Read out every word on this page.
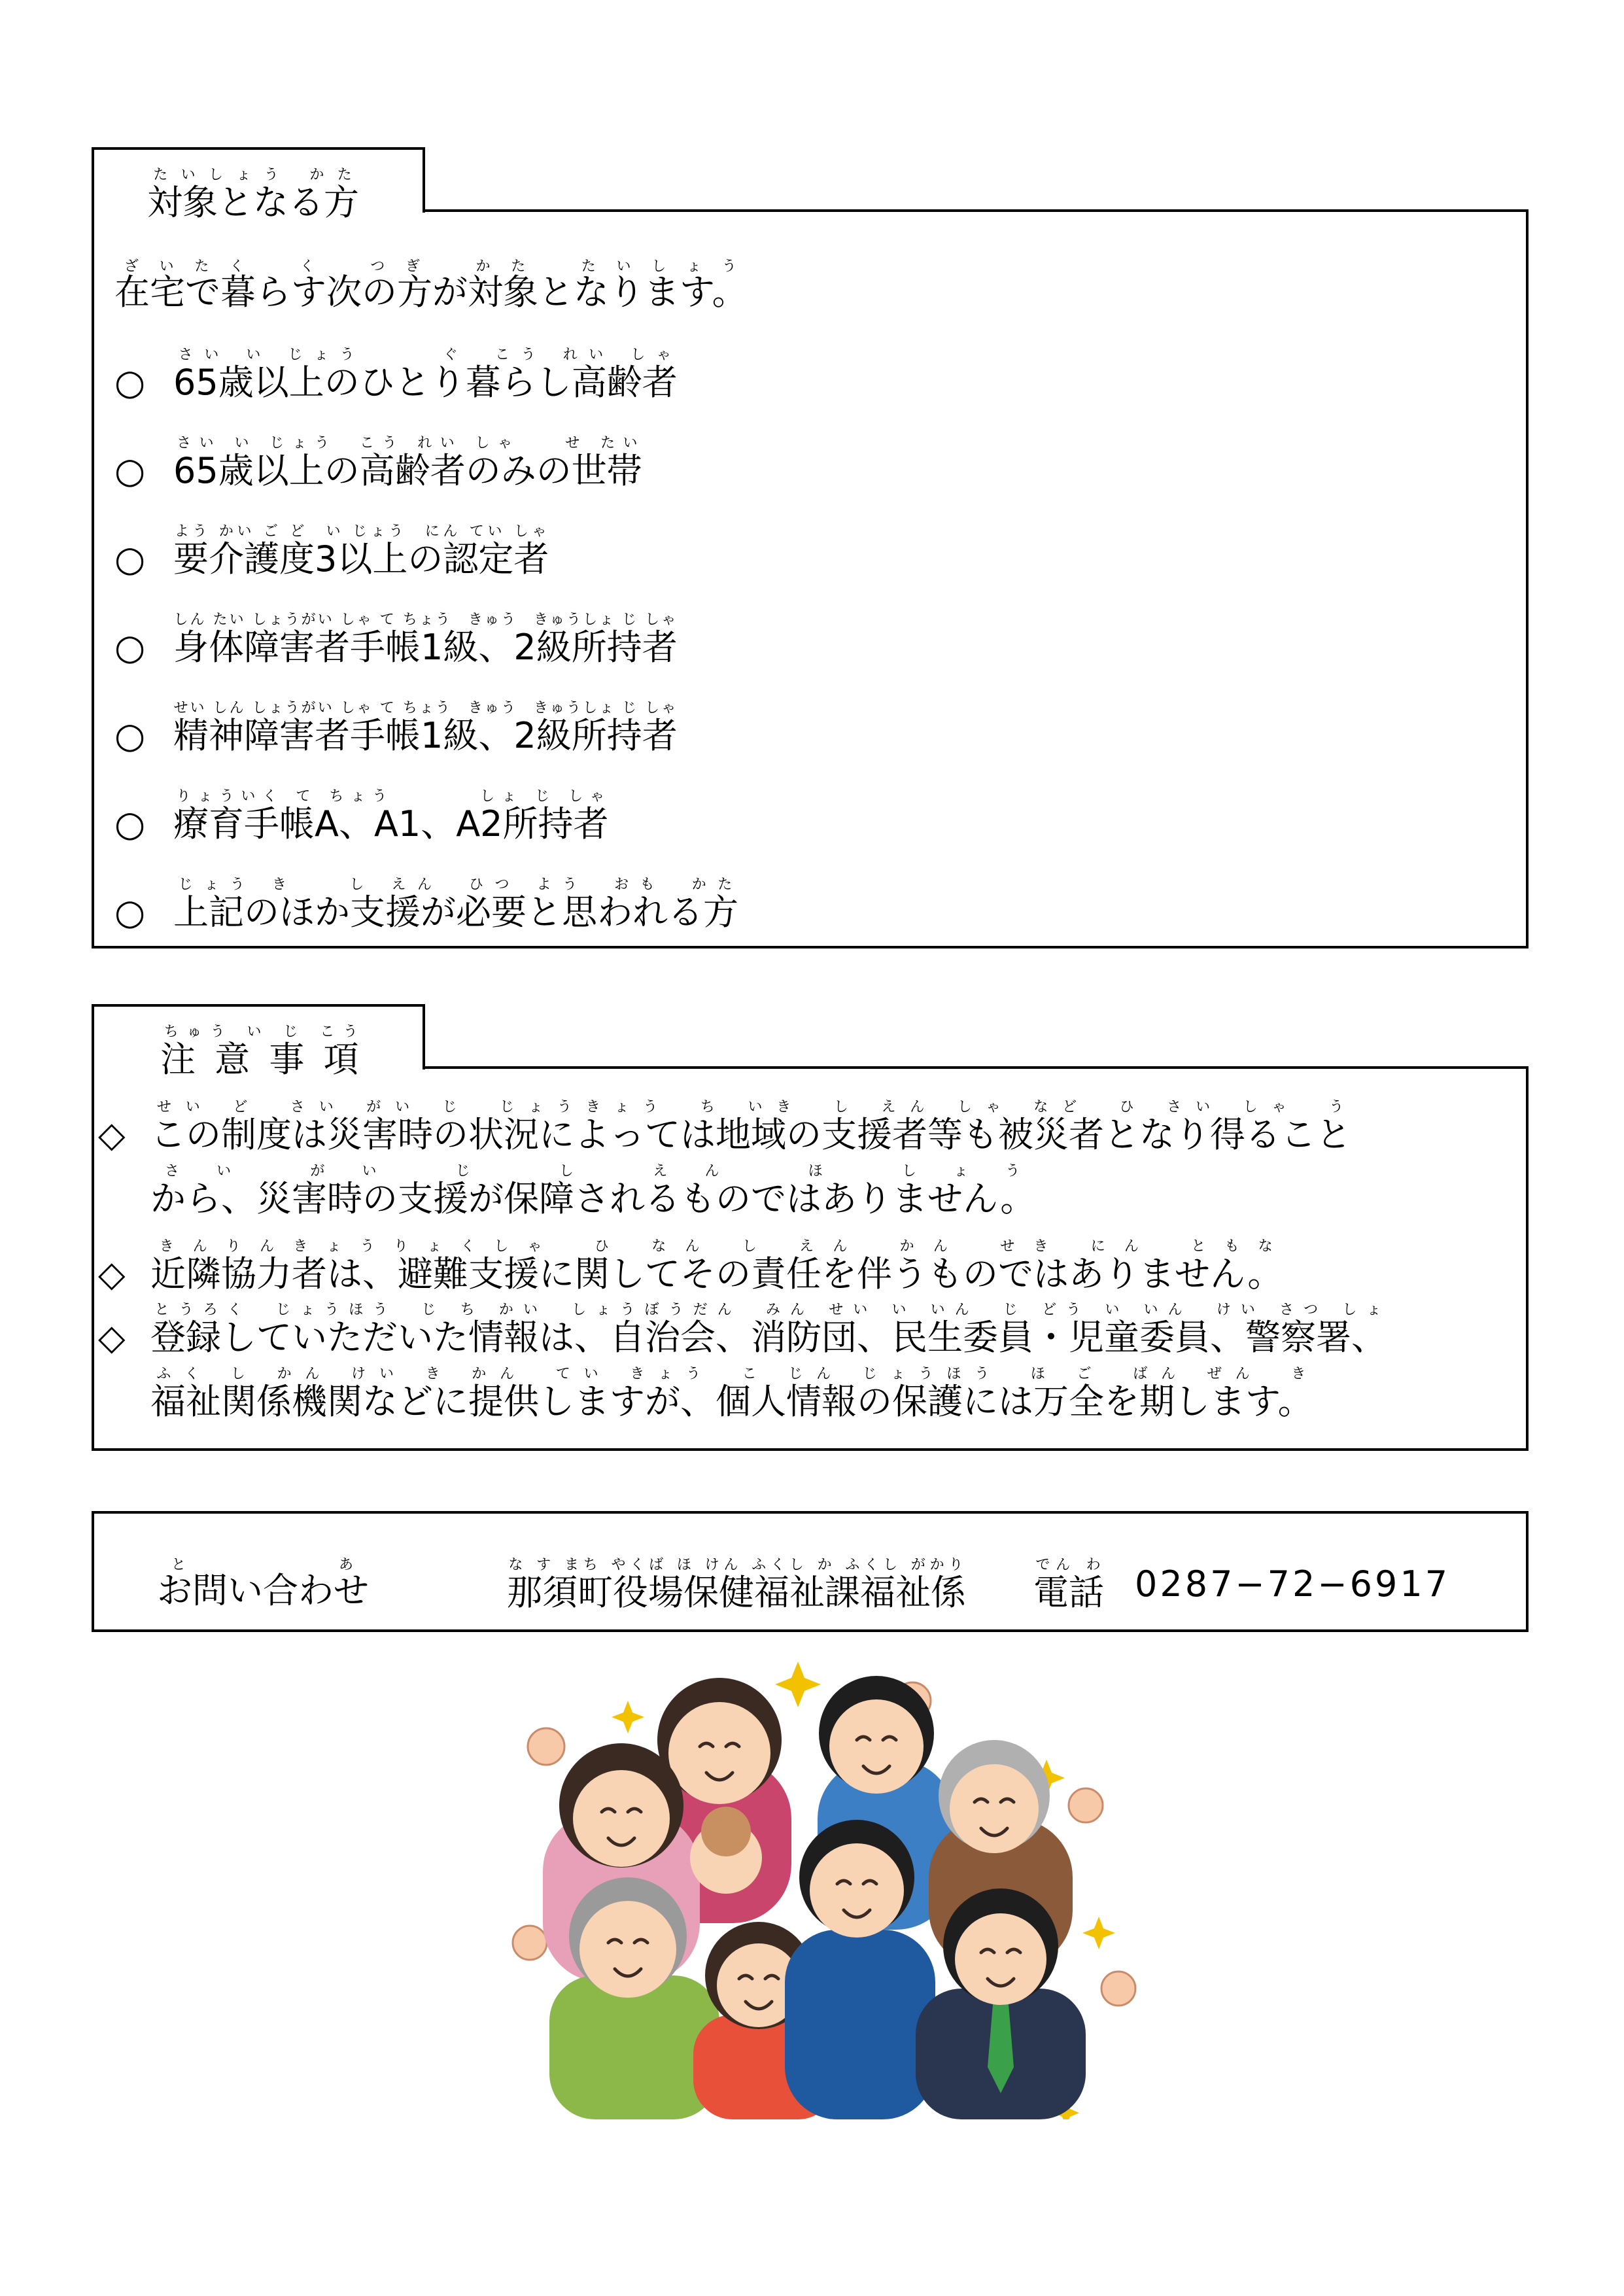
対象となる方たいしょう かた
在宅で暮らす次の方が対象となります。ざいたく　く　つぎ　かた　たいしょう
○ 65歳以上のひとり暮らし高齢者さい い じょう　　　ぐ　こう れい しゃ
○ 65歳以上の高齢者のみの世帯さい い じょう　こう れい しゃ　　せ たい
○ 要介護度3以上の認定者よう かい ご ど　い じょう　にん てい しゃ
○ 身体障害者手帳1級、2級所持者しん たい しょうがい しゃ て ちょう　きゅう　きゅうしょ じ しゃ
○ 精神障害者手帳1級、2級所持者せい しん しょうがい しゃ て ちょう　きゅう　きゅうしょ じ しゃ
○ 療育手帳A、A1、A2所持者りょういく て ちょう　　　　しょ じ しゃ
○ 上記のほか支援が必要と思われる方じょう き　　し えん　ひつ よう　おも　かた
注 意 事 項ちゅう い じ こう
◇ この制度は災害時の状況によっては地域の支援者等も被災者となり得ることせい ど　さい がい じ　じょうきょう　ち いき　し えん しゃ など　ひ さい しゃ　う
から、災害時の支援が保障されるものではありません。さい がい じ　し えん　ほ しょう
◇ 近隣協力者は、避難支援に関してその責任を伴うものではありません。きんりんきょうりょくしゃ　ひ なん し えん　かん　せき にん　ともな
◇ 登録していただいた情報は、自治会、消防団、民生委員・児童委員、警察署、とうろく　じょうほう　じ ち かい　しょうぼうだん　みん せい い いん　じ どう い いん　けい さつ しょ
福祉関係機関などに提供しますが、個人情報の保護には万全を期します。ふく し かん けい き かん　てい きょう　こ じん じょうほう　ほ ご　ばん ぜん　き
お問い合わせと　あ
那須町役場保健福祉課福祉係な す まち やくば ほ けん ふくし か ふくし がかり
電話でん わ 0287−72−6917
